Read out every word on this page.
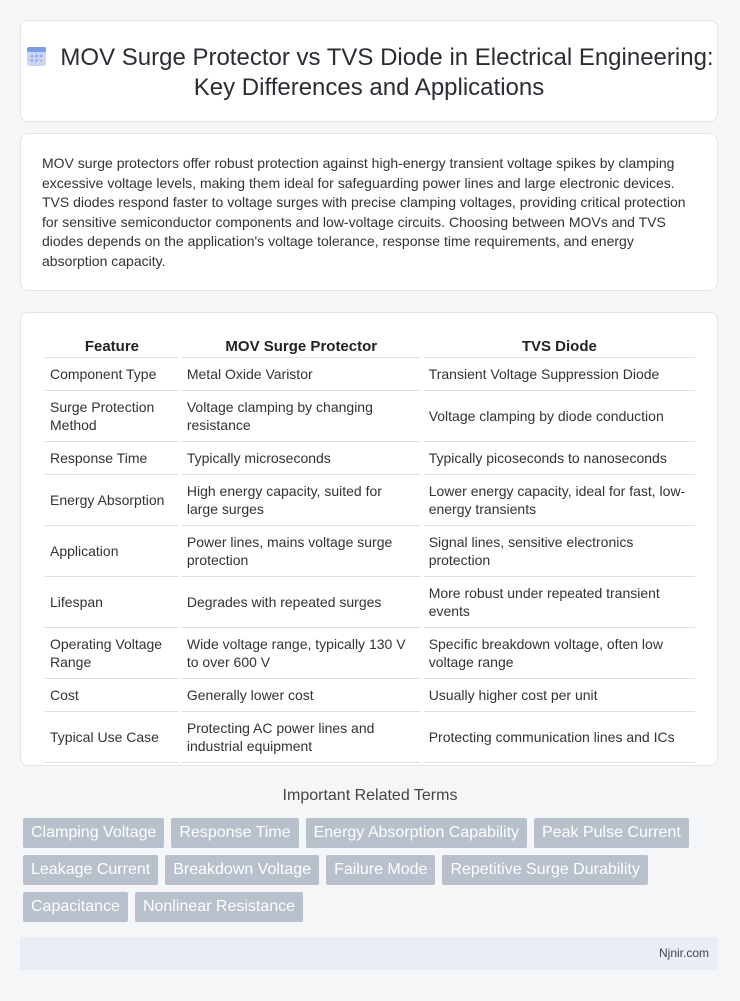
MOV Surge Protector vs TVS Diode in Electrical Engineering: Key Differences and Applications
MOV surge protectors offer robust protection against high-energy transient voltage spikes by clamping excessive voltage levels, making them ideal for safeguarding power lines and large electronic devices. TVS diodes respond faster to voltage surges with precise clamping voltages, providing critical protection for sensitive semiconductor components and low-voltage circuits. Choosing between MOVs and TVS diodes depends on the application's voltage tolerance, response time requirements, and energy absorption capacity.
Feature	MOV Surge Protector	TVS Diode
Component Type	Metal Oxide Varistor	Transient Voltage Suppression Diode
Surge Protection Method	Voltage clamping by changing resistance	Voltage clamping by diode conduction
Response Time	Typically microseconds	Typically picoseconds to nanoseconds
Energy Absorption	High energy capacity, suited for large surges	Lower energy capacity, ideal for fast, low-energy transients
Application	Power lines, mains voltage surge protection	Signal lines, sensitive electronics protection
Lifespan	Degrades with repeated surges	More robust under repeated transient events
Operating Voltage Range	Wide voltage range, typically 130 V to over 600 V	Specific breakdown voltage, often low voltage range
Cost	Generally lower cost	Usually higher cost per unit
Typical Use Case	Protecting AC power lines and industrial equipment	Protecting communication lines and ICs
Important Related Terms
Clamping Voltage	Response Time	Energy Absorption Capability	Peak Pulse Current
Leakage Current	Breakdown Voltage	Failure Mode	Repetitive Surge Durability
Capacitance	Nonlinear Resistance
Njnir.com
